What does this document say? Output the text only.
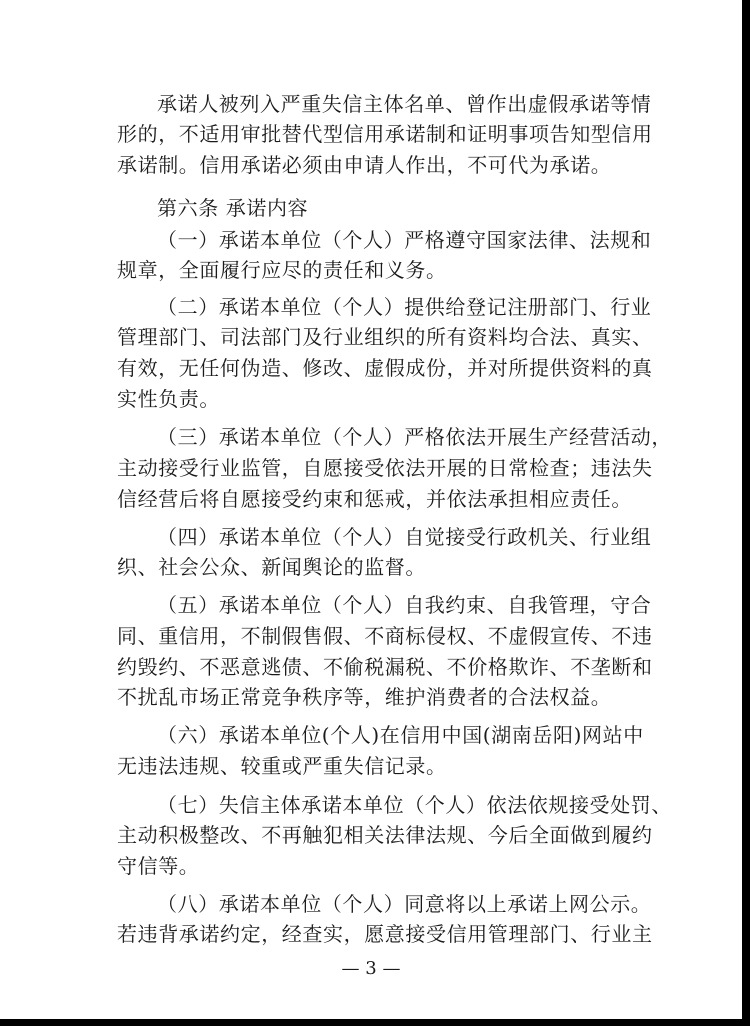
— 3 —
承诺人被列入严重失信主体名单、曾作出虚假承诺等情
形的，不适用审批替代型信用承诺制和证明事项告知型信用
承诺制。信用承诺必须由申请人作出，不可代为承诺。
第六条 承诺内容
（一）承诺本单位（个人）严格遵守国家法律、法规和
规章，全面履行应尽的责任和义务。
（二）承诺本单位（个人）提供给登记注册部门、行业
管理部门、司法部门及行业组织的所有资料均合法、真实、
有效，无任何伪造、修改、虚假成份，并对所提供资料的真
实性负责。
（三）承诺本单位（个人）严格依法开展生产经营活动，
主动接受行业监管，自愿接受依法开展的日常检查；违法失
信经营后将自愿接受约束和惩戒，并依法承担相应责任。
（四）承诺本单位（个人）自觉接受行政机关、行业组
织、社会公众、新闻舆论的监督。
（五）承诺本单位（个人）自我约束、自我管理，守合
同、重信用，不制假售假、不商标侵权、不虚假宣传、不违
约毁约、不恶意逃债、不偷税漏税、不价格欺诈、不垄断和
不扰乱市场正常竞争秩序等，维护消费者的合法权益。
（六）承诺本单位(个人)在信用中国(湖南岳阳)网站中
无违法违规、较重或严重失信记录。
（七）失信主体承诺本单位（个人）依法依规接受处罚、
主动积极整改、不再触犯相关法律法规、今后全面做到履约
守信等。
（八）承诺本单位（个人）同意将以上承诺上网公示。
若违背承诺约定，经查实，愿意接受信用管理部门、行业主
